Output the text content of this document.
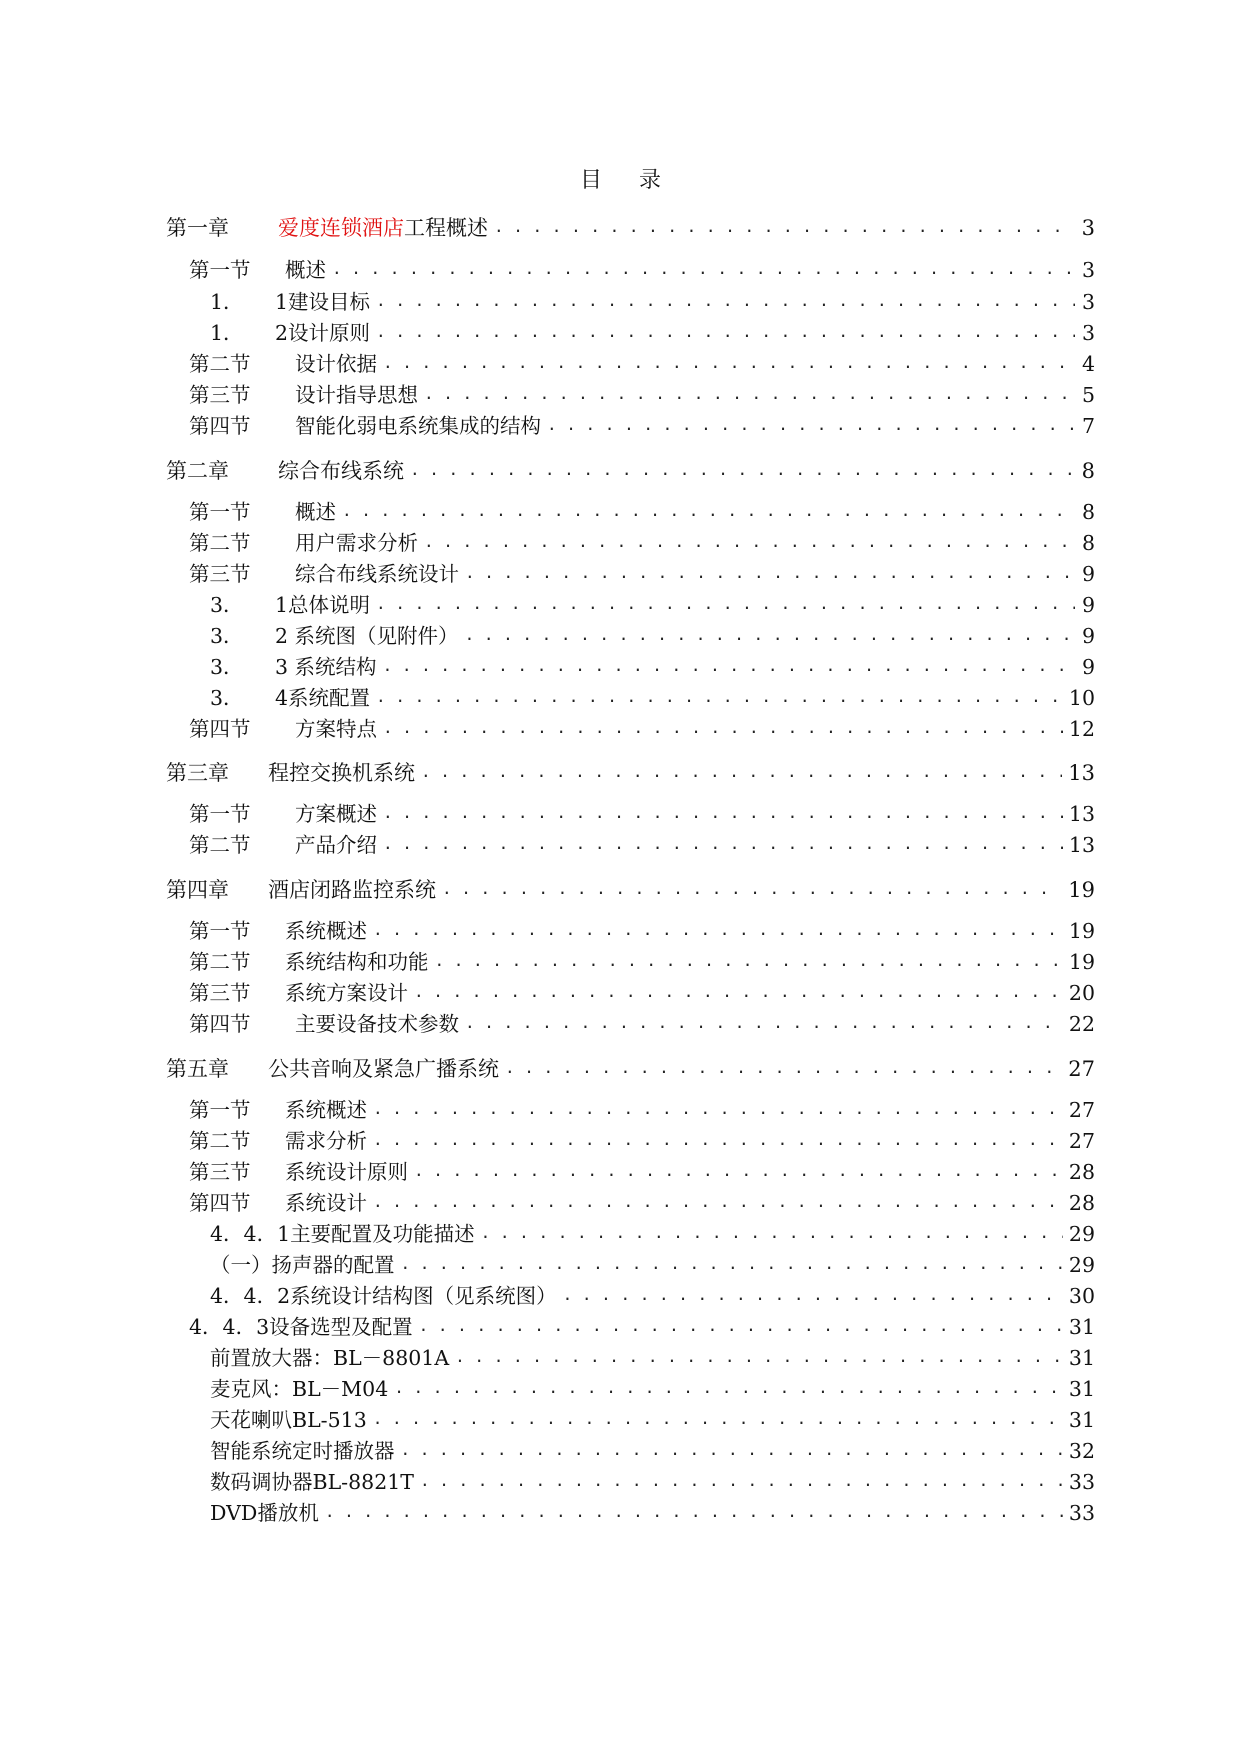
目 录
第一章	爱度连锁酒店工程概述 . . .	3
第一节	概述 . . .	3
1．	1建设目标 . . .	3
1．	2设计原则 . . .	3
第二节	设计依据 . . .	4
第三节	设计指导思想 . . .	5
第四节	智能化弱电系统集成的结构 . . .	7
第二章	综合布线系统 . . .	8
第一节	概述 . . .	8
第二节	用户需求分析 . . .	8
第三节	综合布线系统设计 . . .	9
3．	1总体说明 . . .	9
3．	2 系统图（见附件） . . .	9
3．	3 系统结构 . . .	9
3．	4系统配置 . . .	10
第四节	方案特点 . . .	12
第三章	程控交换机系统 . . .	13
第一节	方案概述 . . .	13
第二节	产品介绍 . . .	13
第四章	酒店闭路监控系统 . . .	19
第一节	系统概述 . . .	19
第二节	系统结构和功能 . . .	19
第三节	系统方案设计 . . .	20
第四节	主要设备技术参数 . . .	22
第五章	公共音响及紧急广播系统 . . .	27
第一节	系统概述 . . .	27
第二节	需求分析 . . .	27
第三节	系统设计原则 . . .	28
第四节	系统设计 . . .	28
4．4．1主要配置及功能描述 . . .	29
（一）扬声器的配置 . . .	29
4．4．2系统设计结构图（见系统图） . . .	30
4．4．3设备选型及配置 . . .	31
前置放大器：BL－8801A . . .	31
麦克风：BL－M04 . . .	31
天花喇叭BL-513 . . .	31
智能系统定时播放器 . . .	32
数码调协器BL-8821T . . .	33
DVD播放机 . . .	33
